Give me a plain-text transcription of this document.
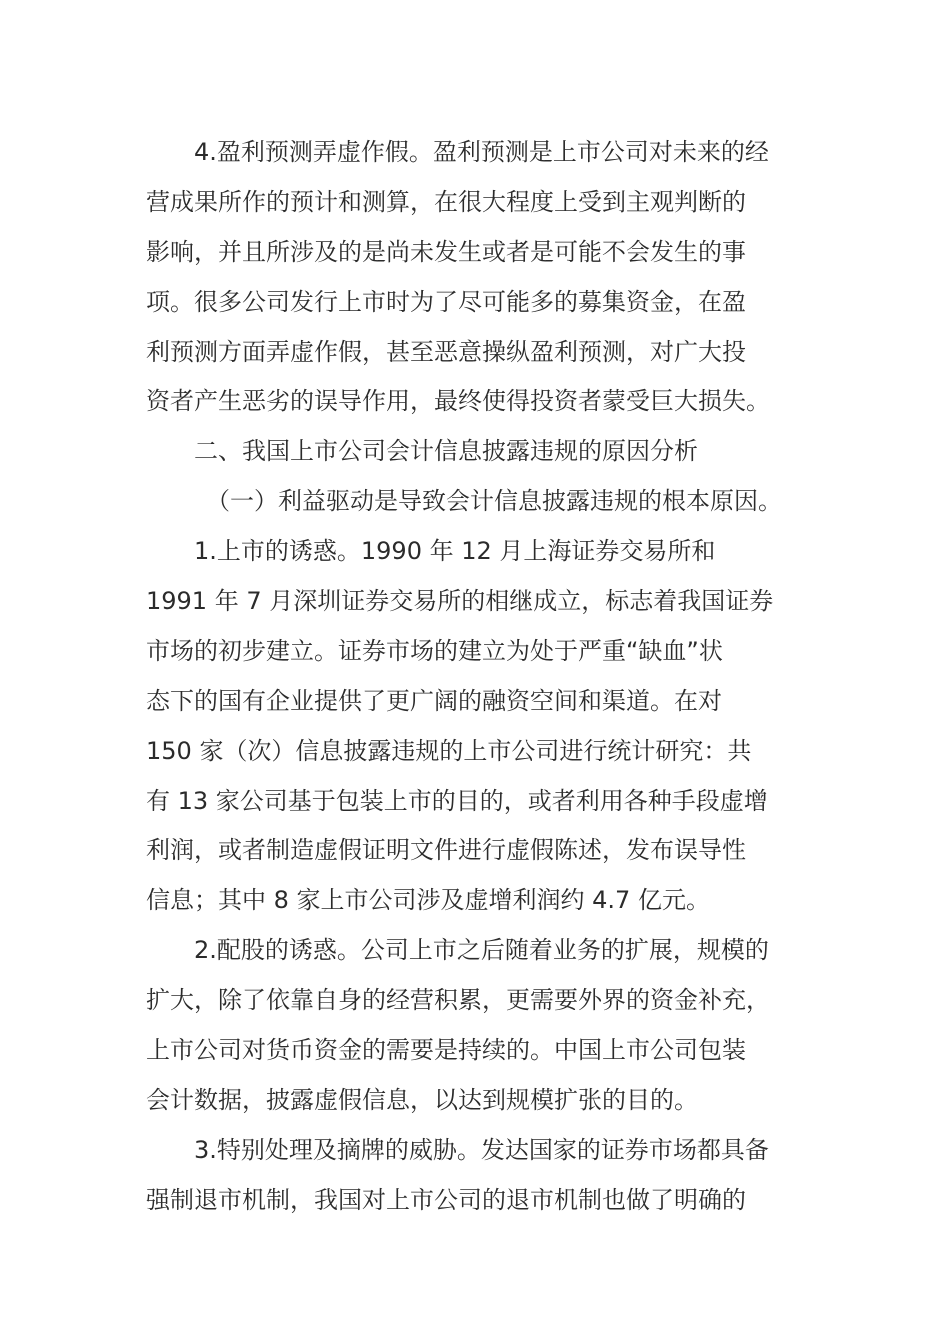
4.盈利预测弄虚作假。盈利预测是上市公司对未来的经
营成果所作的预计和测算，在很大程度上受到主观判断的
影响，并且所涉及的是尚未发生或者是可能不会发生的事
项。很多公司发行上市时为了尽可能多的募集资金，在盈
利预测方面弄虚作假，甚至恶意操纵盈利预测，对广大投
资者产生恶劣的误导作用，最终使得投资者蒙受巨大损失。
二、我国上市公司会计信息披露违规的原因分析
（一）利益驱动是导致会计信息披露违规的根本原因。
1.上市的诱惑。1990 年 12 月上海证券交易所和
1991 年 7 月深圳证券交易所的相继成立，标志着我国证券
市场的初步建立。证券市场的建立为处于严重“缺血”状
态下的国有企业提供了更广阔的融资空间和渠道。在对
150 家（次）信息披露违规的上市公司进行统计研究：共
有 13 家公司基于包装上市的目的，或者利用各种手段虚增
利润，或者制造虚假证明文件进行虚假陈述，发布误导性
信息；其中 8 家上市公司涉及虚增利润约 4.7 亿元。
2.配股的诱惑。公司上市之后随着业务的扩展，规模的
扩大，除了依靠自身的经营积累，更需要外界的资金补充，
上市公司对货币资金的需要是持续的。中国上市公司包装
会计数据，披露虚假信息，以达到规模扩张的目的。
3.特别处理及摘牌的威胁。发达国家的证券市场都具备
强制退市机制，我国对上市公司的退市机制也做了明确的
